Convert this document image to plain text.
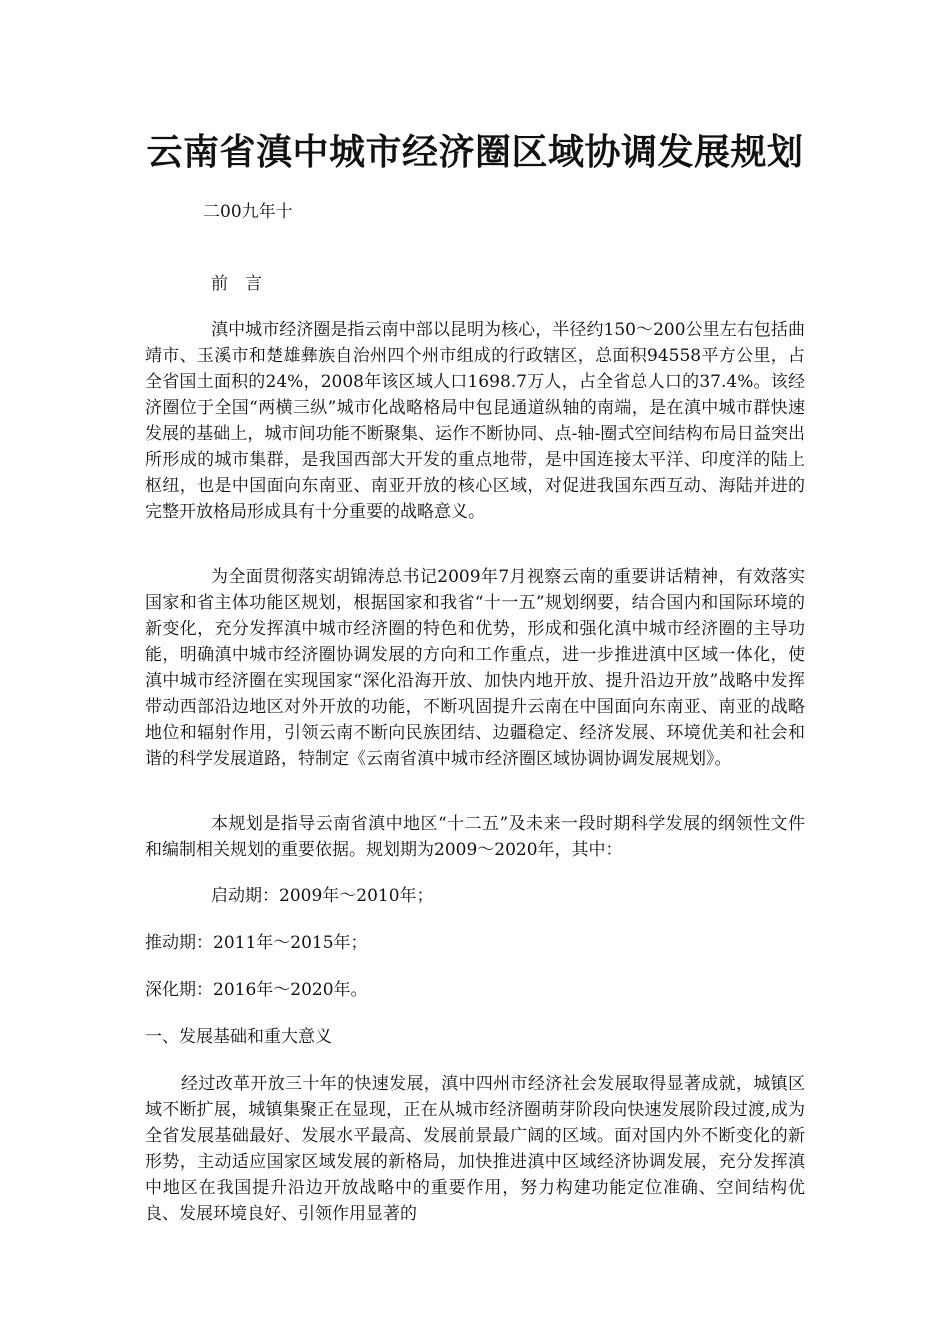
云南省滇中城市经济圈区域协调发展规划

二00九年十

前　言

滇中城市经济圈是指云南中部以昆明为核心，半径约150～200公里左右包括曲靖市、玉溪市和楚雄彝族自治州四个州市组成的行政辖区，总面积94558平方公里，占全省国土面积的24%，2008年该区域人口1698.7万人，占全省总人口的37.4%。该经济圈位于全国“两横三纵”城市化战略格局中包昆通道纵轴的南端，是在滇中城市群快速发展的基础上，城市间功能不断聚集、运作不断协同、点-轴-圈式空间结构布局日益突出所形成的城市集群，是我国西部大开发的重点地带，是中国连接太平洋、印度洋的陆上枢纽，也是中国面向东南亚、南亚开放的核心区域，对促进我国东西互动、海陆并进的完整开放格局形成具有十分重要的战略意义。

为全面贯彻落实胡锦涛总书记2009年7月视察云南的重要讲话精神，有效落实国家和省主体功能区规划，根据国家和我省“十一五”规划纲要，结合国内和国际环境的新变化，充分发挥滇中城市经济圈的特色和优势，形成和强化滇中城市经济圈的主导功能，明确滇中城市经济圈协调发展的方向和工作重点，进一步推进滇中区域一体化，使滇中城市经济圈在实现国家“深化沿海开放、加快内地开放、提升沿边开放”战略中发挥带动西部沿边地区对外开放的功能，不断巩固提升云南在中国面向东南亚、南亚的战略地位和辐射作用，引领云南不断向民族团结、边疆稳定、经济发展、环境优美和社会和谐的科学发展道路，特制定《云南省滇中城市经济圈区域协调协调发展规划》。

本规划是指导云南省滇中地区“十二五”及未来一段时期科学发展的纲领性文件和编制相关规划的重要依据。规划期为2009～2020年，其中：

启动期：2009年～2010年；

推动期：2011年～2015年；

深化期：2016年～2020年。

一、发展基础和重大意义

经过改革开放三十年的快速发展，滇中四州市经济社会发展取得显著成就，城镇区域不断扩展，城镇集聚正在显现，正在从城市经济圈萌芽阶段向快速发展阶段过渡,成为全省发展基础最好、发展水平最高、发展前景最广阔的区域。面对国内外不断变化的新形势，主动适应国家区域发展的新格局，加快推进滇中区域经济协调发展，充分发挥滇中地区在我国提升沿边开放战略中的重要作用，努力构建功能定位准确、空间结构优良、发展环境良好、引领作用显著的
